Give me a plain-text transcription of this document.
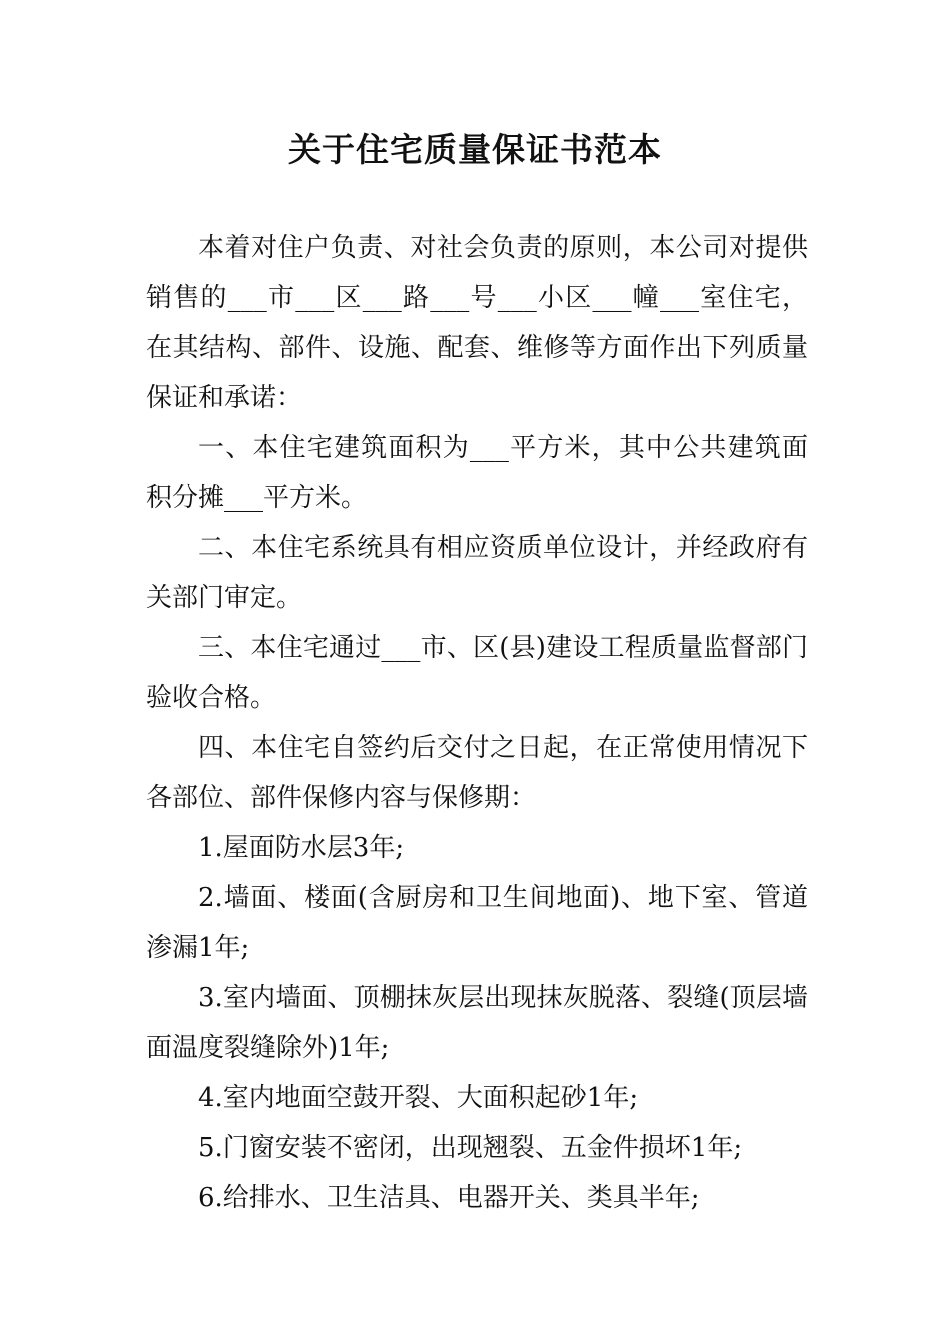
关于住宅质量保证书范本

本着对住户负责、对社会负责的原则，本公司对提供销售的___市___区___路___号___小区___幢___室住宅，在其结构、部件、设施、配套、维修等方面作出下列质量保证和承诺：

一、本住宅建筑面积为___平方米，其中公共建筑面积分摊___平方米。

二、本住宅系统具有相应资质单位设计，并经政府有关部门审定。

三、本住宅通过___市、区(县)建设工程质量监督部门验收合格。

四、本住宅自签约后交付之日起，在正常使用情况下各部位、部件保修内容与保修期：

1.屋面防水层3年;

2.墙面、楼面(含厨房和卫生间地面)、地下室、管道渗漏1年;

3.室内墙面、顶棚抹灰层出现抹灰脱落、裂缝(顶层墙面温度裂缝除外)1年;

4.室内地面空鼓开裂、大面积起砂1年;

5.门窗安装不密闭，出现翘裂、五金件损坏1年;

6.给排水、卫生洁具、电器开关、类具半年;
